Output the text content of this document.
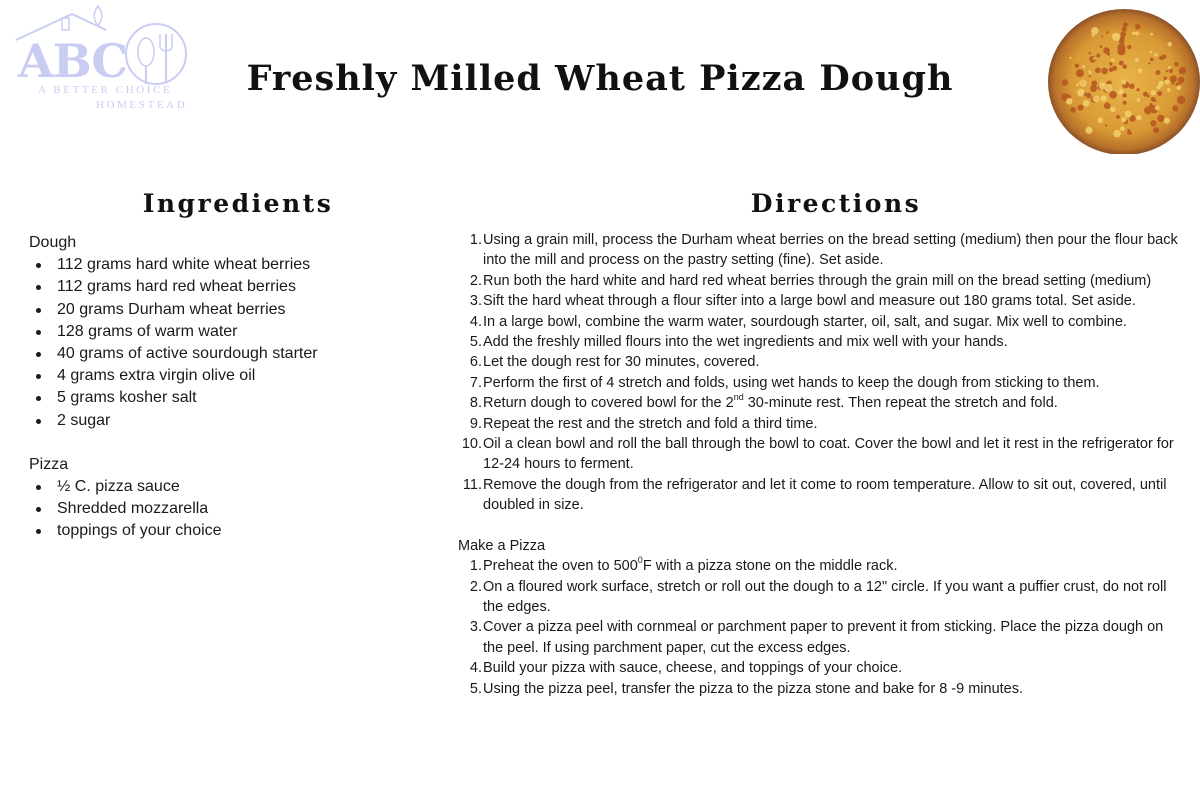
ABC
A BETTER CHOICE
HOMESTEAD
Freshly Milled Wheat Pizza Dough
Ingredients
Dough
112 grams hard white wheat berries
112 grams hard red wheat berries
20 grams Durham wheat berries
128 grams of warm water
40 grams of active sourdough starter
4 grams extra virgin olive oil
5 grams kosher salt
2 sugar
Pizza
½ C. pizza sauce
Shredded mozzarella
toppings of your choice
Directions
1. Using a grain mill, process the Durham wheat berries on the bread setting (medium) then pour the flour back into the mill and process on the pastry setting (fine). Set aside.
2. Run both the hard white and hard red wheat berries through the grain mill on the bread setting (medium)
3. Sift the hard wheat through a flour sifter into a large bowl and measure out 180 grams total. Set aside.
4. In a large bowl, combine the warm water, sourdough starter, oil, salt, and sugar. Mix well to combine.
5. Add the freshly milled flours into the wet ingredients and mix well with your hands.
6. Let the dough rest for 30 minutes, covered.
7. Perform the first of 4 stretch and folds, using wet hands to keep the dough from sticking to them.
8. Return dough to covered bowl for the 2nd 30-minute rest. Then repeat the stretch and fold.
9. Repeat the rest and the stretch and fold a third time.
10. Oil a clean bowl and roll the ball through the bowl to coat. Cover the bowl and let it rest in the refrigerator for 12-24 hours to ferment.
11. Remove the dough from the refrigerator and let it come to room temperature. Allow to sit out, covered, until doubled in size.
Make a Pizza
1. Preheat the oven to $500^0F$ with a pizza stone on the middle rack.
2. On a floured work surface, stretch or roll out the dough to a 12" circle. If you want a puffier crust, do not roll the edges.
3. Cover a pizza peel with cornmeal or parchment paper to prevent it from sticking. Place the pizza dough on the peel. If using parchment paper, cut the excess edges.
4. Build your pizza with sauce, cheese, and toppings of your choice.
5. Using the pizza peel, transfer the pizza to the pizza stone and bake for 8 -9 minutes.
